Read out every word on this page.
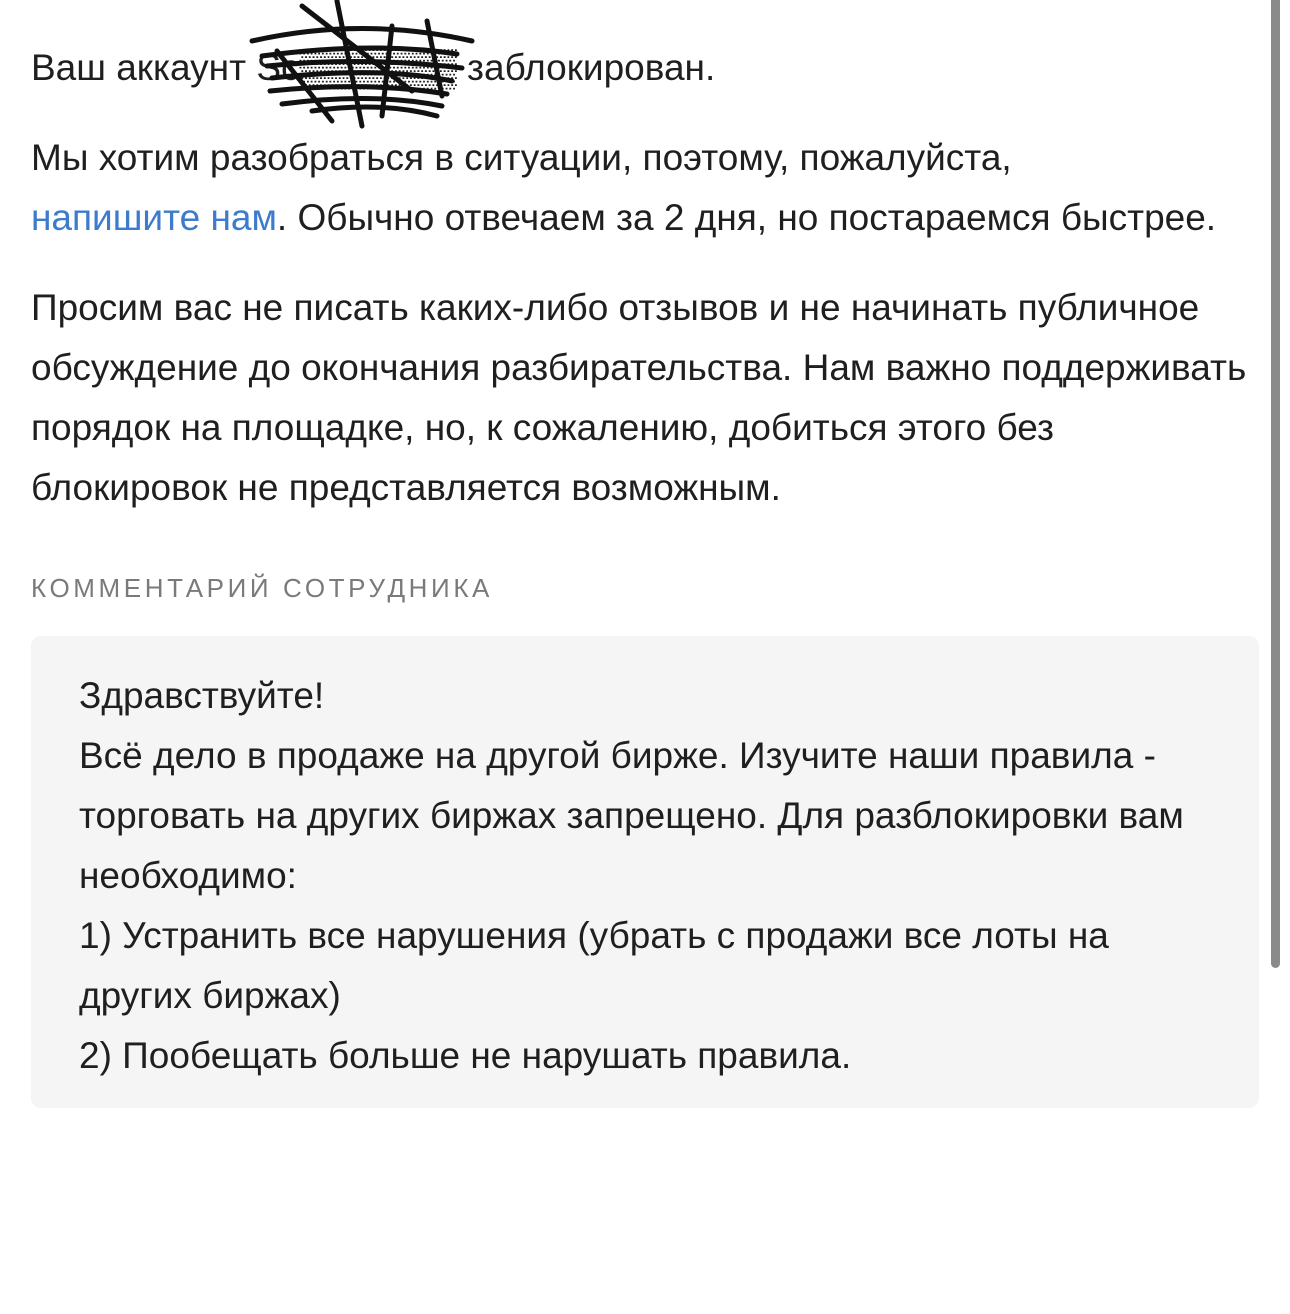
Ваш аккаунт Sc▒▒▒▒▒▒ з
аблокирован.

Мы хотим разобраться в ситуации, поэтому, пожалуйста,
напишите нам. Обычно отвечаем за 2 дня, но постараемся быстрее.

Просим вас не писать каких-либо отзывов и не начинать публичное обсуждение до окончания разбирательства. Нам важно поддерживать порядок на площадке, но, к сожалению, добиться этого без блокировок не представляется возможным.

КОММЕНТАРИЙ СОТРУДНИКА

Здравствуйте!

Всё дело в продаже на другой бирже. Изучите наши правила - торговать на других биржах запрещено. Для разблокировки вам необходимо:

1) Устранить все нарушения (убрать с продажи все лоты на других биржах)

2) Пообещать больше не нарушать правила.
